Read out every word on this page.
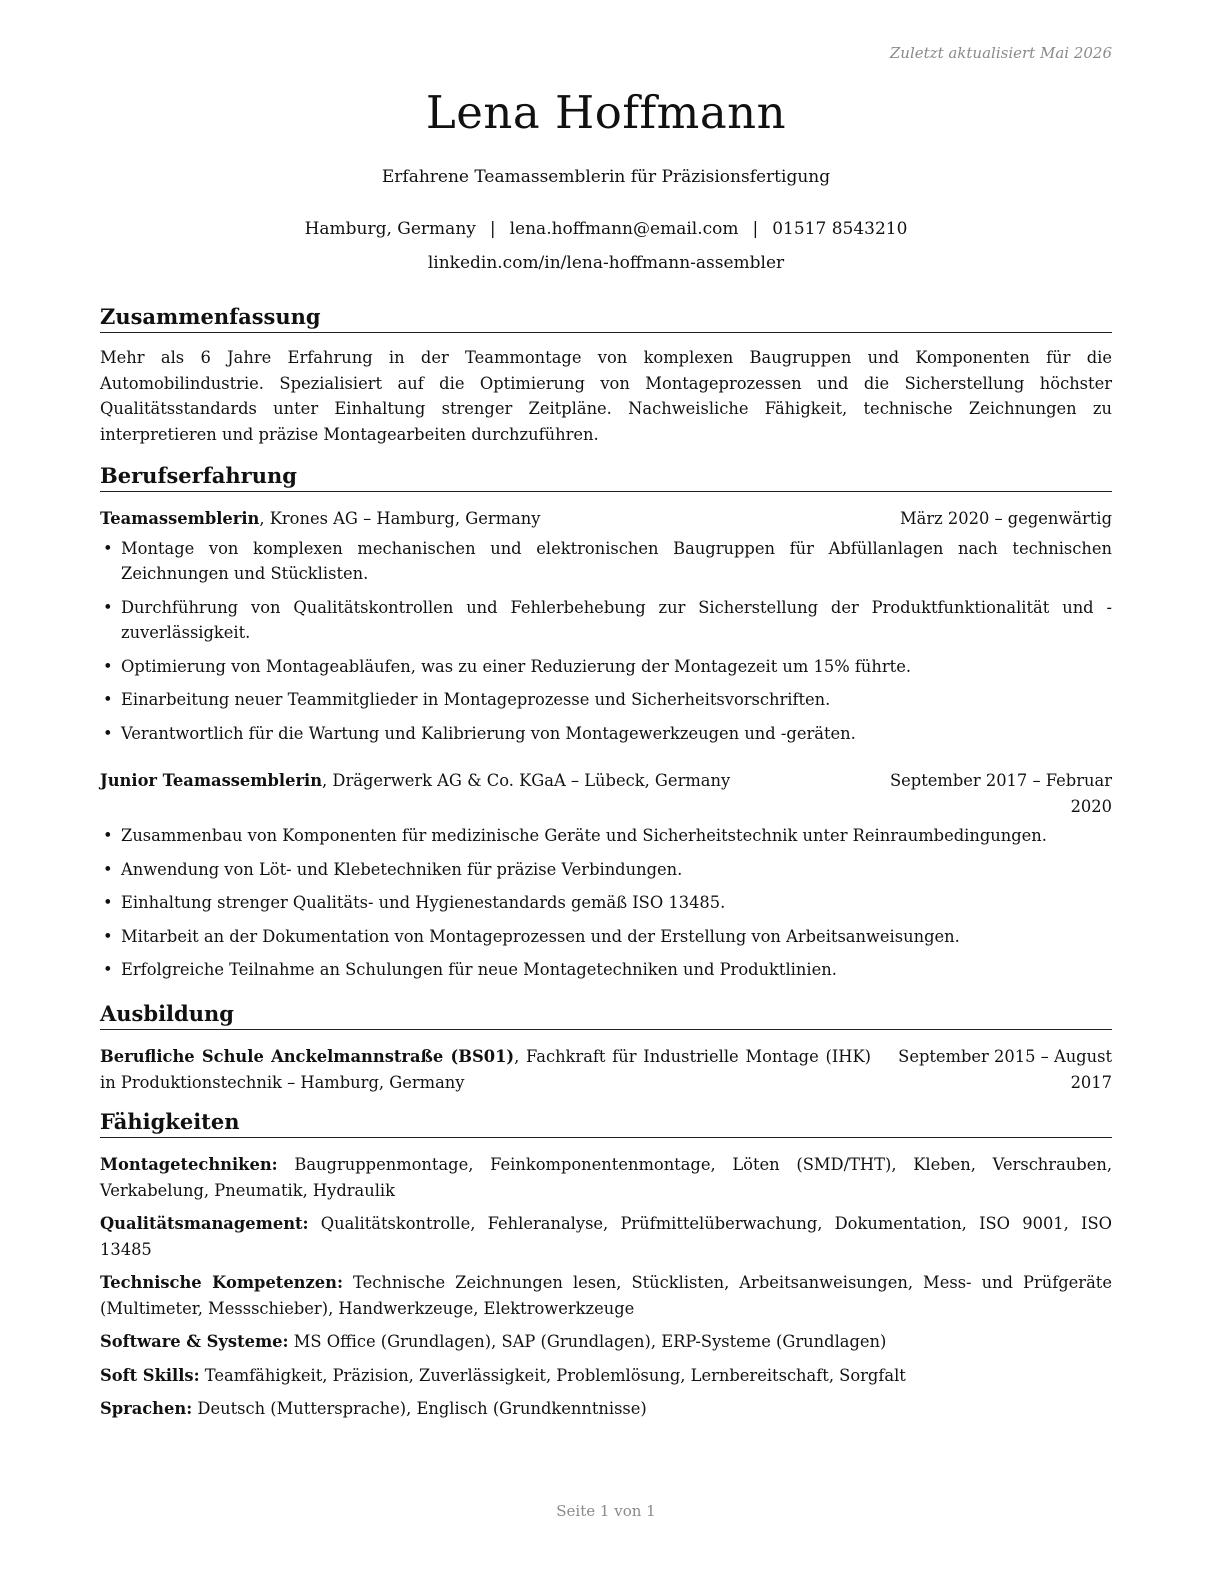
Zuletzt aktualisiert Mai 2026
Lena Hoffmann
Erfahrene Teamassemblerin für Präzisionsfertigung
Hamburg, Germany | lena.hoffmann@email.com | 01517 8543210
linkedin.com/in/lena-hoffmann-assembler
Zusammenfassung
Mehr als 6 Jahre Erfahrung in der Teammontage von komplexen Baugruppen und Komponenten für die Automobilindustrie. Spezialisiert auf die Optimierung von Montageprozessen und die Sicherstellung höchster Qualitätsstandards unter Einhaltung strenger Zeitpläne. Nachweisliche Fähigkeit, technische Zeichnungen zu interpretieren und präzise Montagearbeiten durchzuführen.
Berufserfahrung
Teamassemblerin, Krones AG – Hamburg, Germany	März 2020 – gegenwärtig
• Montage von komplexen mechanischen und elektronischen Baugruppen für Abfüllanlagen nach technischen Zeichnungen und Stücklisten.
• Durchführung von Qualitätskontrollen und Fehlerbehebung zur Sicherstellung der Produktfunktionalität und -zuverlässigkeit.
• Optimierung von Montageabläufen, was zu einer Reduzierung der Montagezeit um 15% führte.
• Einarbeitung neuer Teammitglieder in Montageprozesse und Sicherheitsvorschriften.
• Verantwortlich für die Wartung und Kalibrierung von Montagewerkzeugen und -geräten.
Junior Teamassemblerin, Drägerwerk AG & Co. KGaA – Lübeck, Germany	September 2017 – Februar 2020
• Zusammenbau von Komponenten für medizinische Geräte und Sicherheitstechnik unter Reinraumbedingungen.
• Anwendung von Löt- und Klebetechniken für präzise Verbindungen.
• Einhaltung strenger Qualitäts- und Hygienestandards gemäß ISO 13485.
• Mitarbeit an der Dokumentation von Montageprozessen und der Erstellung von Arbeitsanweisungen.
• Erfolgreiche Teilnahme an Schulungen für neue Montagetechniken und Produktlinien.
Ausbildung
Berufliche Schule Anckelmannstraße (BS01), Fachkraft für Industrielle Montage (IHK) in Produktionstechnik – Hamburg, Germany
September 2015 – August 2017
Fähigkeiten
Montagetechniken: Baugruppenmontage, Feinkomponentenmontage, Löten (SMD/THT), Kleben, Verschrauben, Verkabelung, Pneumatik, Hydraulik
Qualitätsmanagement: Qualitätskontrolle, Fehleranalyse, Prüfmittelüberwachung, Dokumentation, ISO 9001, ISO 13485
Technische Kompetenzen: Technische Zeichnungen lesen, Stücklisten, Arbeitsanweisungen, Mess- und Prüfgeräte (Multimeter, Messschieber), Handwerkzeuge, Elektrowerkzeuge
Software & Systeme: MS Office (Grundlagen), SAP (Grundlagen), ERP-Systeme (Grundlagen)
Soft Skills: Teamfähigkeit, Präzision, Zuverlässigkeit, Problemlösung, Lernbereitschaft, Sorgfalt
Sprachen: Deutsch (Muttersprache), Englisch (Grundkenntnisse)
Seite 1 von 1
